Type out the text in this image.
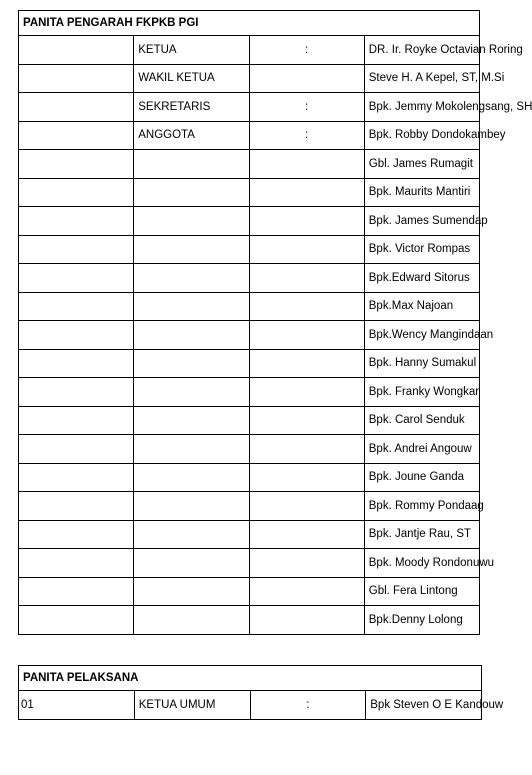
PANITA PENGARAH FKPKB PGI			
	KETUA	:	DR. Ir. Royke Octavian Roring
	WAKIL KETUA		Steve H. A Kepel, ST, M.Si
	SEKRETARIS	:	Bpk. Jemmy Mokolengsang, SH
	ANGGOTA	:	Bpk. Robby Dondokambey
			Gbl. James Rumagit
			Bpk. Maurits Mantiri
			Bpk. James Sumendap
			Bpk. Victor Rompas
			Bpk.Edward Sitorus
			Bpk.Max Najoan
			Bpk.Wency Mangindaan
			Bpk. Hanny Sumakul
			Bpk. Franky Wongkar
			Bpk. Carol Senduk
			Bpk. Andrei Angouw
			Bpk. Joune Ganda
			Bpk. Rommy Pondaag
			Bpk. Jantje Rau, ST
			Bpk. Moody Rondonuwu
			Gbl. Fera Lintong
			Bpk.Denny Lolong
PANITA PELAKSANA
01	KETUA UMUM	:	Bpk Steven O E Kandouw
